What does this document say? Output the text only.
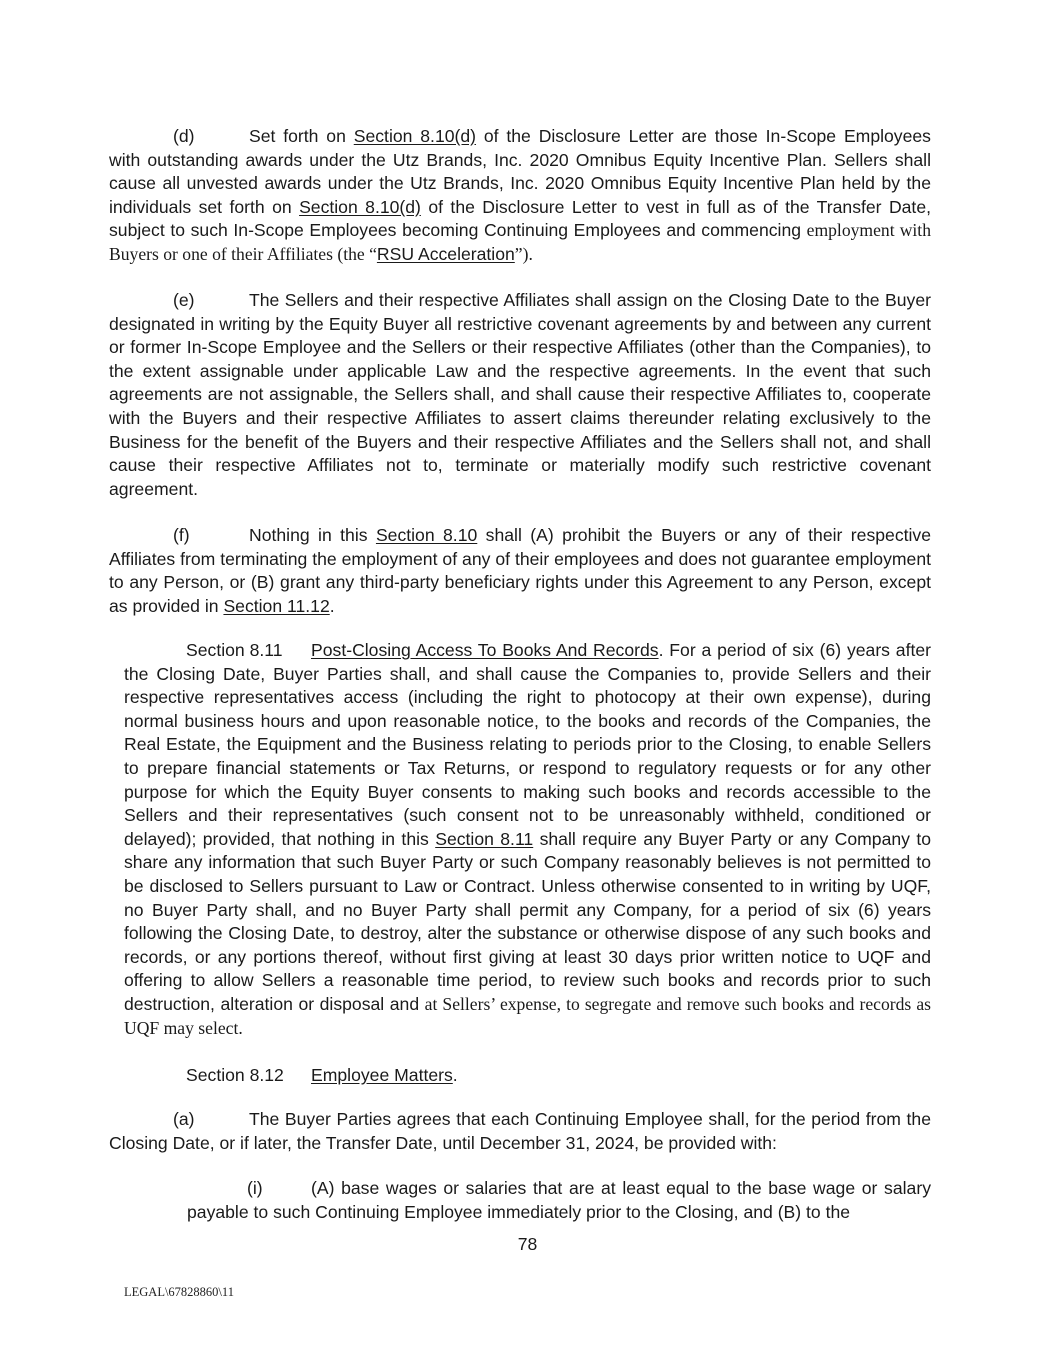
(d)	Set forth on Section 8.10(d) of the Disclosure Letter are those In-Scope Employees with outstanding awards under the Utz Brands, Inc. 2020 Omnibus Equity Incentive Plan. Sellers shall cause all unvested awards under the Utz Brands, Inc. 2020 Omnibus Equity Incentive Plan held by the individuals set forth on Section 8.10(d) of the Disclosure Letter to vest in full as of the Transfer Date, subject to such In-Scope Employees becoming Continuing Employees and commencing employment with Buyers or one of their Affiliates (the “RSU Acceleration”).

(e)	The Sellers and their respective Affiliates shall assign on the Closing Date to the Buyer designated in writing by the Equity Buyer all restrictive covenant agreements by and between any current or former In-Scope Employee and the Sellers or their respective Affiliates (other than the Companies), to the extent assignable under applicable Law and the respective agreements. In the event that such agreements are not assignable, the Sellers shall, and shall cause their respective Affiliates to, cooperate with the Buyers and their respective Affiliates to assert claims thereunder relating exclusively to the Business for the benefit of the Buyers and their respective Affiliates and the Sellers shall not, and shall cause their respective Affiliates not to, terminate or materially modify such restrictive covenant agreement.

(f)	Nothing in this Section 8.10 shall (A) prohibit the Buyers or any of their respective Affiliates from terminating the employment of any of their employees and does not guarantee employment to any Person, or (B) grant any third-party beneficiary rights under this Agreement to any Person, except as provided in Section 11.12.

Section 8.11 Post-Closing Access To Books And Records. For a period of six (6) years after the Closing Date, Buyer Parties shall, and shall cause the Companies to, provide Sellers and their respective representatives access (including the right to photocopy at their own expense), during normal business hours and upon reasonable notice, to the books and records of the Companies, the Real Estate, the Equipment and the Business relating to periods prior to the Closing, to enable Sellers to prepare financial statements or Tax Returns, or respond to regulatory requests or for any other purpose for which the Equity Buyer consents to making such books and records accessible to the Sellers and their representatives (such consent not to be unreasonably withheld, conditioned or delayed); provided, that nothing in this Section 8.11 shall require any Buyer Party or any Company to share any information that such Buyer Party or such Company reasonably believes is not permitted to be disclosed to Sellers pursuant to Law or Contract. Unless otherwise consented to in writing by UQF, no Buyer Party shall, and no Buyer Party shall permit any Company, for a period of six (6) years following the Closing Date, to destroy, alter the substance or otherwise dispose of any such books and records, or any portions thereof, without first giving at least 30 days prior written notice to UQF and offering to allow Sellers a reasonable time period, to review such books and records prior to such destruction, alteration or disposal and at Sellers’ expense, to segregate and remove such books and records as UQF may select.

Section 8.12 Employee Matters.

(a)	The Buyer Parties agrees that each Continuing Employee shall, for the period from the Closing Date, or if later, the Transfer Date, until December 31, 2024, be provided with:

(i)	(A) base wages or salaries that are at least equal to the base wage or salary payable to such Continuing Employee immediately prior to the Closing, and (B) to the

78

LEGAL\67828860\11
